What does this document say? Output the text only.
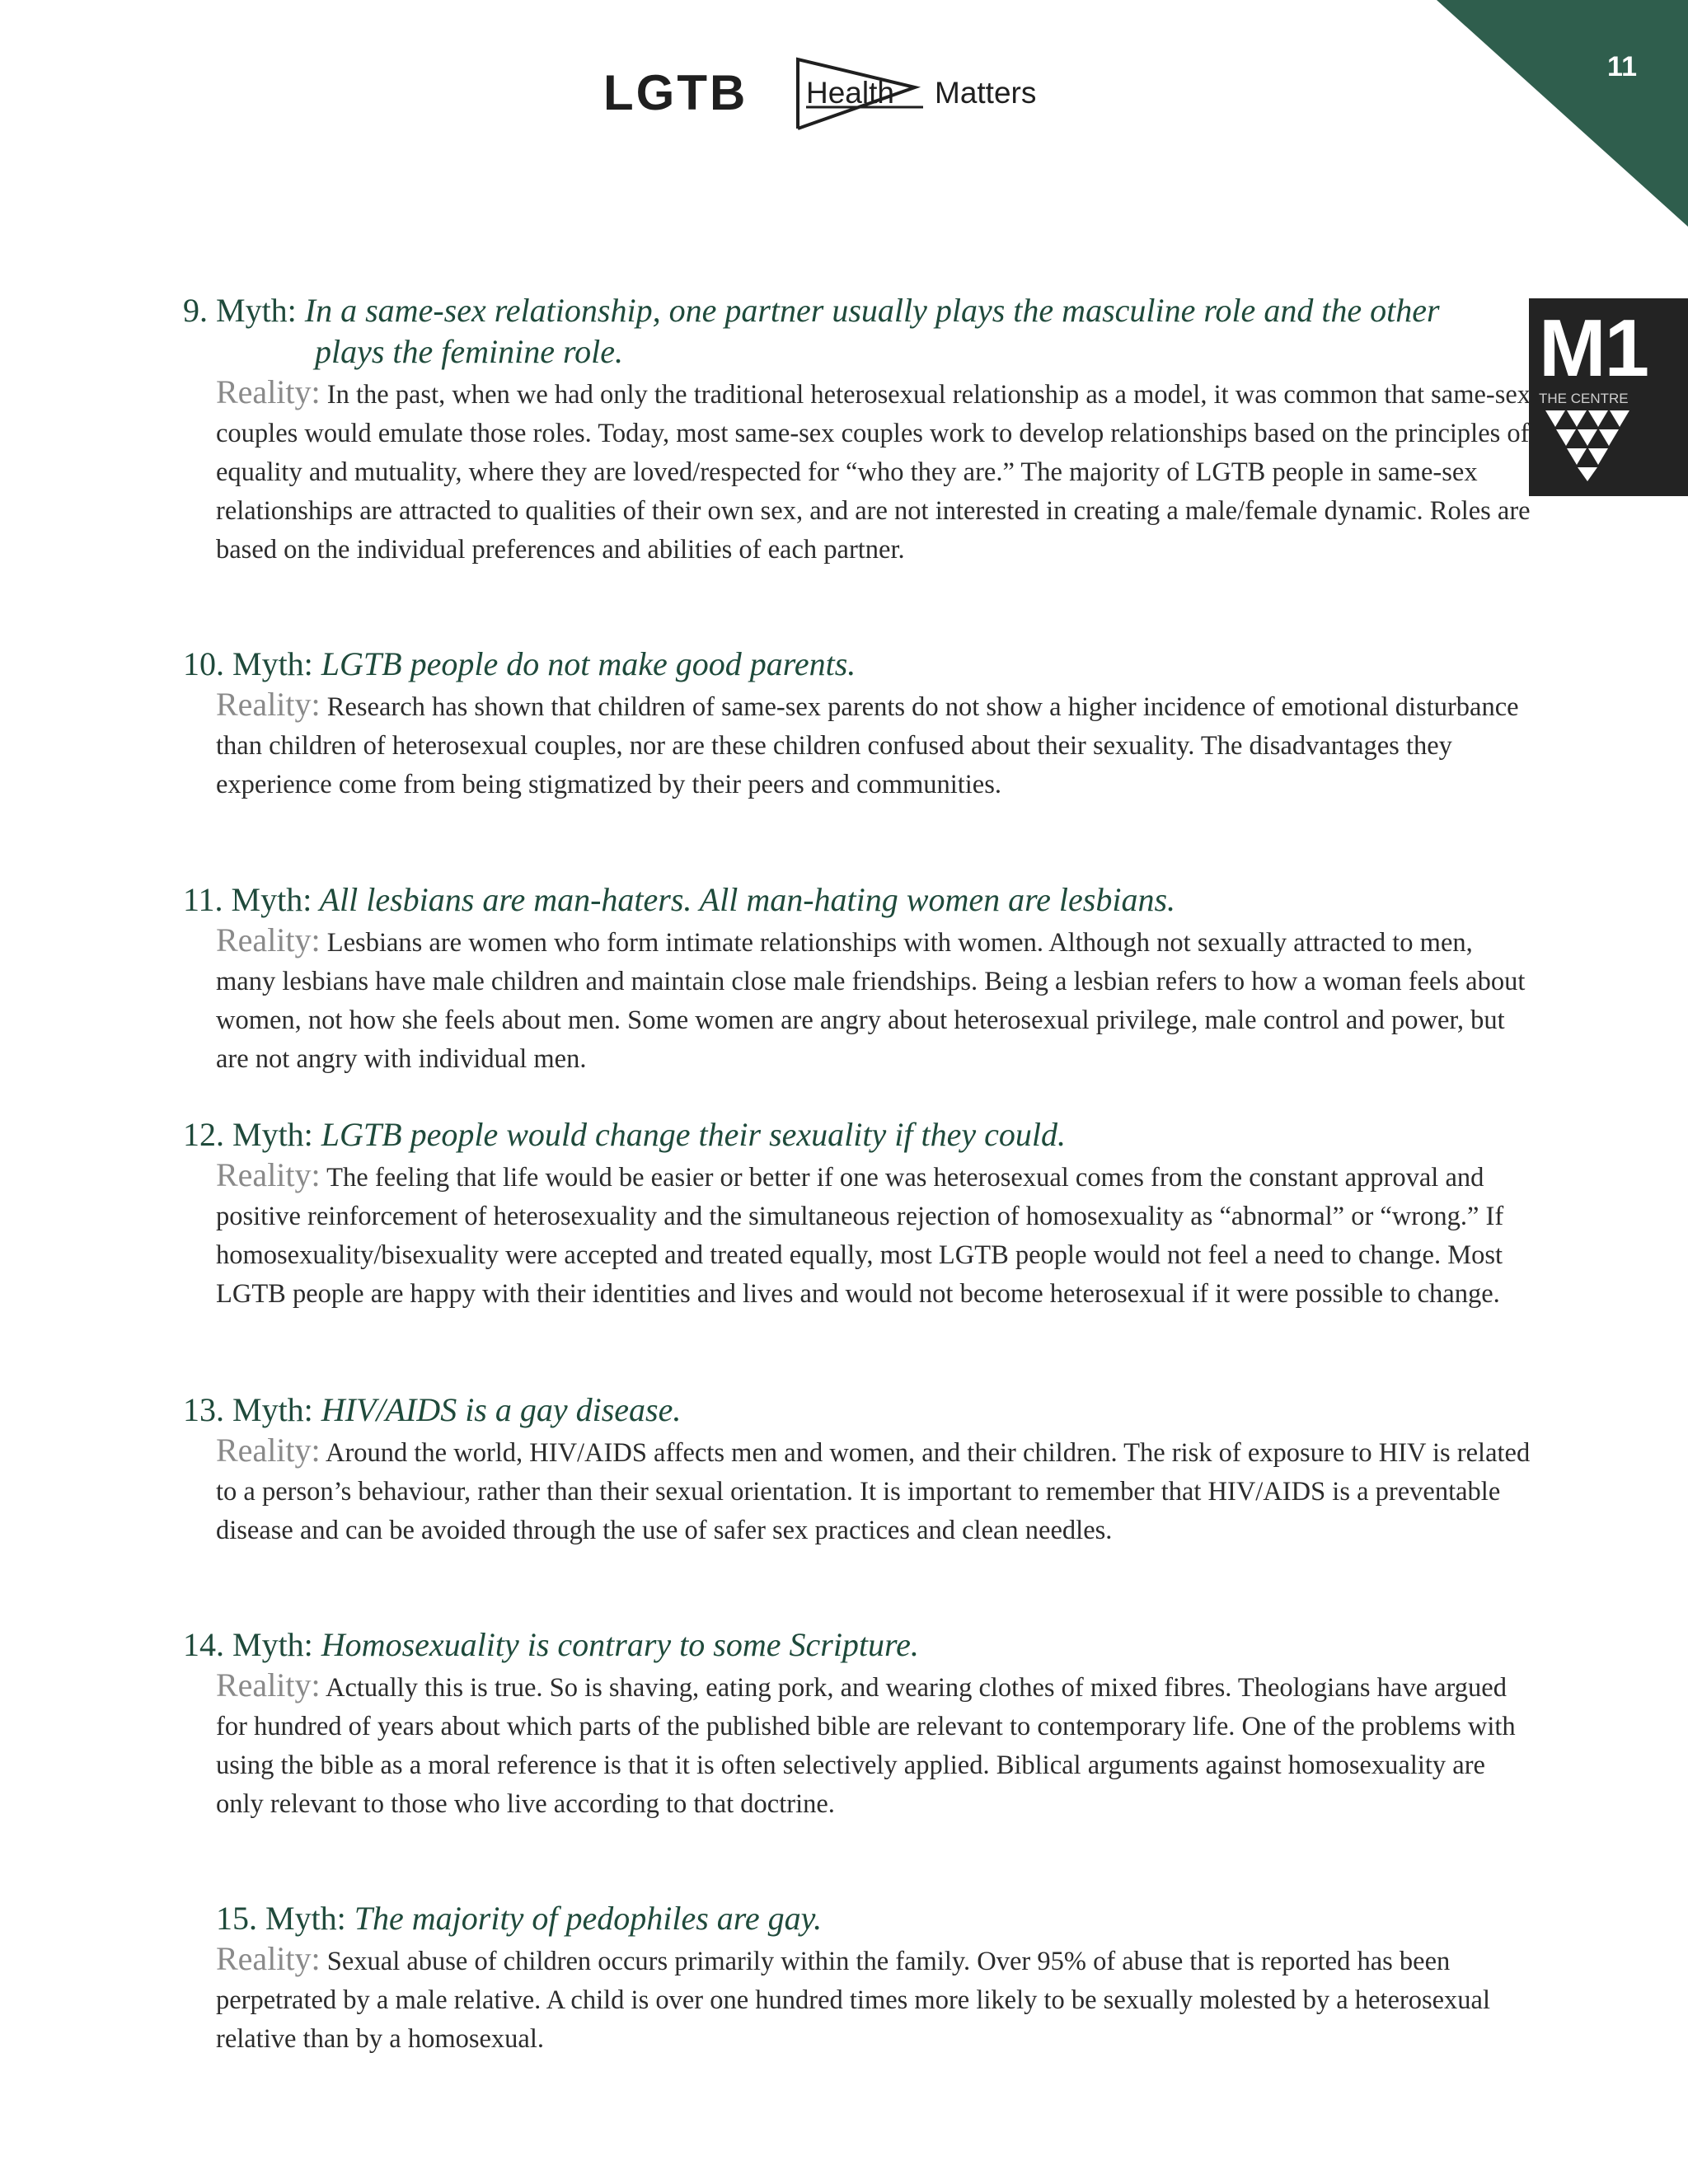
11
LGTB Health Matters
M1
THE CENTRE
9. Myth: In a same-sex relationship, one partner usually plays the masculine role and the other
plays the feminine role.
Reality: In the past, when we had only the traditional heterosexual relationship as a model, it was common that same-sex couples would emulate those roles. Today, most same-sex couples work to develop relationships based on the principles of equality and mutuality, where they are loved/respected for “who they are.” The majority of LGTB people in same-sex relationships are attracted to qualities of their own sex, and are not interested in creating a male/female dynamic. Roles are based on the individual preferences and abilities of each partner.
10. Myth: LGTB people do not make good parents.
Reality: Research has shown that children of same-sex parents do not show a higher incidence of emotional disturbance than children of heterosexual couples, nor are these children confused about their sexuality. The disadvantages they experience come from being stigmatized by their peers and communities.
11. Myth: All lesbians are man-haters. All man-hating women are lesbians.
Reality: Lesbians are women who form intimate relationships with women. Although not sexually attracted to men, many lesbians have male children and maintain close male friendships. Being a lesbian refers to how a woman feels about women, not how she feels about men. Some women are angry about heterosexual privilege, male control and power, but are not angry with individual men.
12. Myth: LGTB people would change their sexuality if they could.
Reality: The feeling that life would be easier or better if one was heterosexual comes from the constant approval and positive reinforcement of heterosexuality and the simultaneous rejection of homosexuality as “abnormal” or “wrong.” If homosexuality/bisexuality were accepted and treated equally, most LGTB people would not feel a need to change. Most LGTB people are happy with their identities and lives and would not become heterosexual if it were possible to change.
13. Myth: HIV/AIDS is a gay disease.
Reality: Around the world, HIV/AIDS affects men and women, and their children. The risk of exposure to HIV is related to a person’s behaviour, rather than their sexual orientation. It is important to remember that HIV/AIDS is a preventable disease and can be avoided through the use of safer sex practices and clean needles.
14. Myth: Homosexuality is contrary to some Scripture.
Reality: Actually this is true. So is shaving, eating pork, and wearing clothes of mixed fibres. Theologians have argued for hundred of years about which parts of the published bible are relevant to contemporary life. One of the problems with using the bible as a moral reference is that it is often selectively applied. Biblical arguments against homosexuality are only relevant to those who live according to that doctrine.
15. Myth: The majority of pedophiles are gay.
Reality: Sexual abuse of children occurs primarily within the family. Over 95% of abuse that is reported has been perpetrated by a male relative. A child is over one hundred times more likely to be sexually molested by a heterosexual relative than by a homosexual.
